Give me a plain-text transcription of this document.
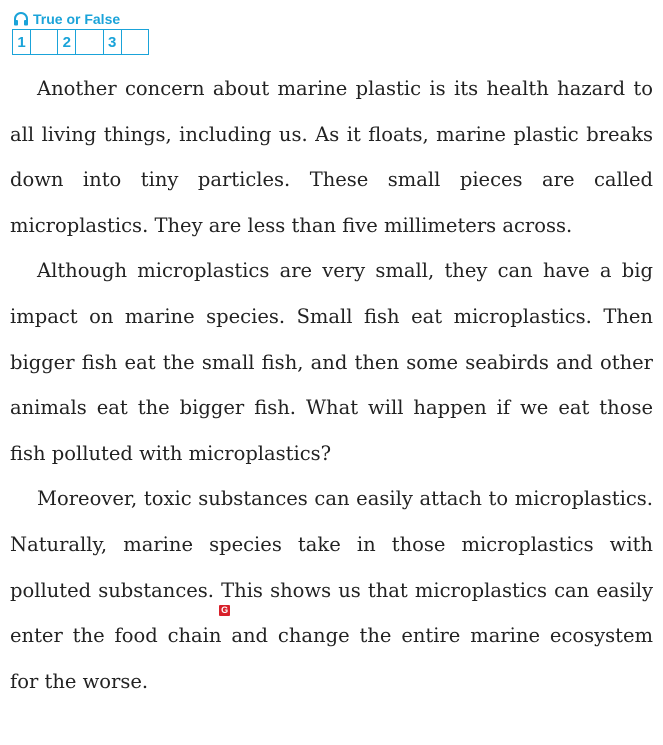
True or False
1	2	3

Another concern about marine plastic is its health hazard to all living things, including us. As it floats, marine plastic breaks down into tiny particles. These small pieces are called microplastics. They are less than five millimeters across.

Although microplastics are very small, they can have a big impact on marine species. Small fish eat microplastics. Then bigger fish eat the small fish, and then some seabirds and other animals eat the bigger fish. What will happen if we eat those fish polluted with microplastics?

Moreover, toxic substances can easily attach to microplastics. Naturally, marine species take in those microplastics with polluted substances.
G
This shows us that microplastics can easily enter the food chain and change the entire marine ecosystem for the worse.
